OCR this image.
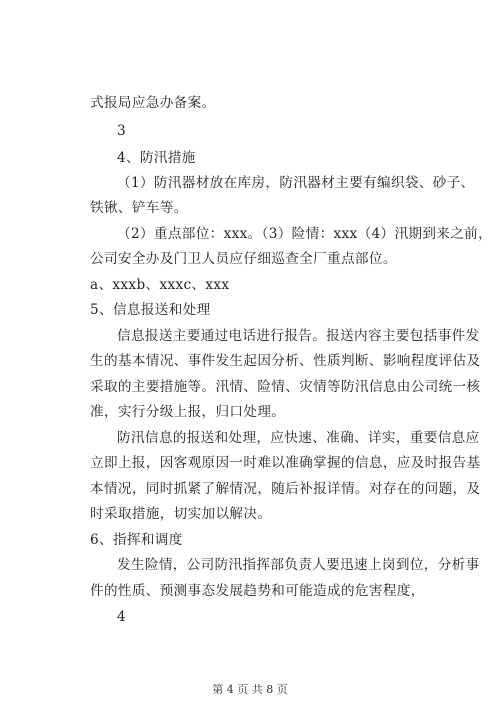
式报局应急办备案。
3
4、防汛措施
（1）防汛器材放在库房，防汛器材主要有编织袋、砂子、
铁锹、铲车等。
（2）重点部位：xxx。（3）险情：xxx（4）汛期到来之前，
公司安全办及门卫人员应仔细巡查全厂重点部位。
a、xxxb、xxxc、xxx
5、信息报送和处理
信息报送主要通过电话进行报告。报送内容主要包括事件发
生的基本情况、事件发生起因分析、性质判断、影响程度评估及
采取的主要措施等。汛情、险情、灾情等防汛信息由公司统一核
准，实行分级上报，归口处理。
防汛信息的报送和处理，应快速、准确、详实，重要信息应
立即上报，因客观原因一时难以准确掌握的信息，应及时报告基
本情况，同时抓紧了解情况，随后补报详情。对存在的问题，及
时采取措施，切实加以解决。
6、指挥和调度
发生险情，公司防汛指挥部负责人要迅速上岗到位，分析事
件的性质、预测事态发展趋势和可能造成的危害程度，
4
第 4 页 共 8 页
